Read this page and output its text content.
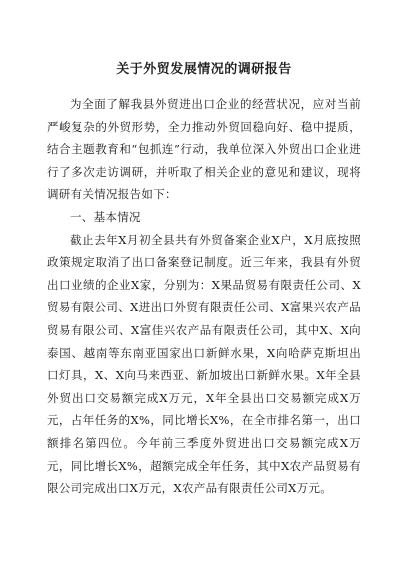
关于外贸发展情况的调研报告

为全面了解我县外贸进出口企业的经营状况，应对当前严峻复杂的外贸形势，全力推动外贸回稳向好、稳中提质，结合主题教育和“包抓连”行动，我单位深入外贸出口企业进行了多次走访调研，并听取了相关企业的意见和建议，现将调研有关情况报告如下：

一、基本情况

截止去年X月初全县共有外贸备案企业X户，X月底按照政策规定取消了出口备案登记制度。近三年来，我县有外贸出口业绩的企业X家，分别为：X果品贸易有限责任公司、X贸易有限公司、X进出口外贸有限责任公司、X富果兴农产品贸易有限公司、X富佳兴农产品有限责任公司，其中X、X向泰国、越南等东南亚国家出口新鲜水果，X向哈萨克斯坦出口灯具，X、X向马来西亚、新加坡出口新鲜水果。X年全县外贸出口交易额完成X万元，X年全县出口交易额完成X万元，占年任务的X%，同比增长X%，在全市排名第一，出口额排名第四位。今年前三季度外贸进出口交易额完成X万元，同比增长X%，超额完成全年任务，其中X农产品贸易有限公司完成出口X万元，X农产品有限责任公司X万元。
